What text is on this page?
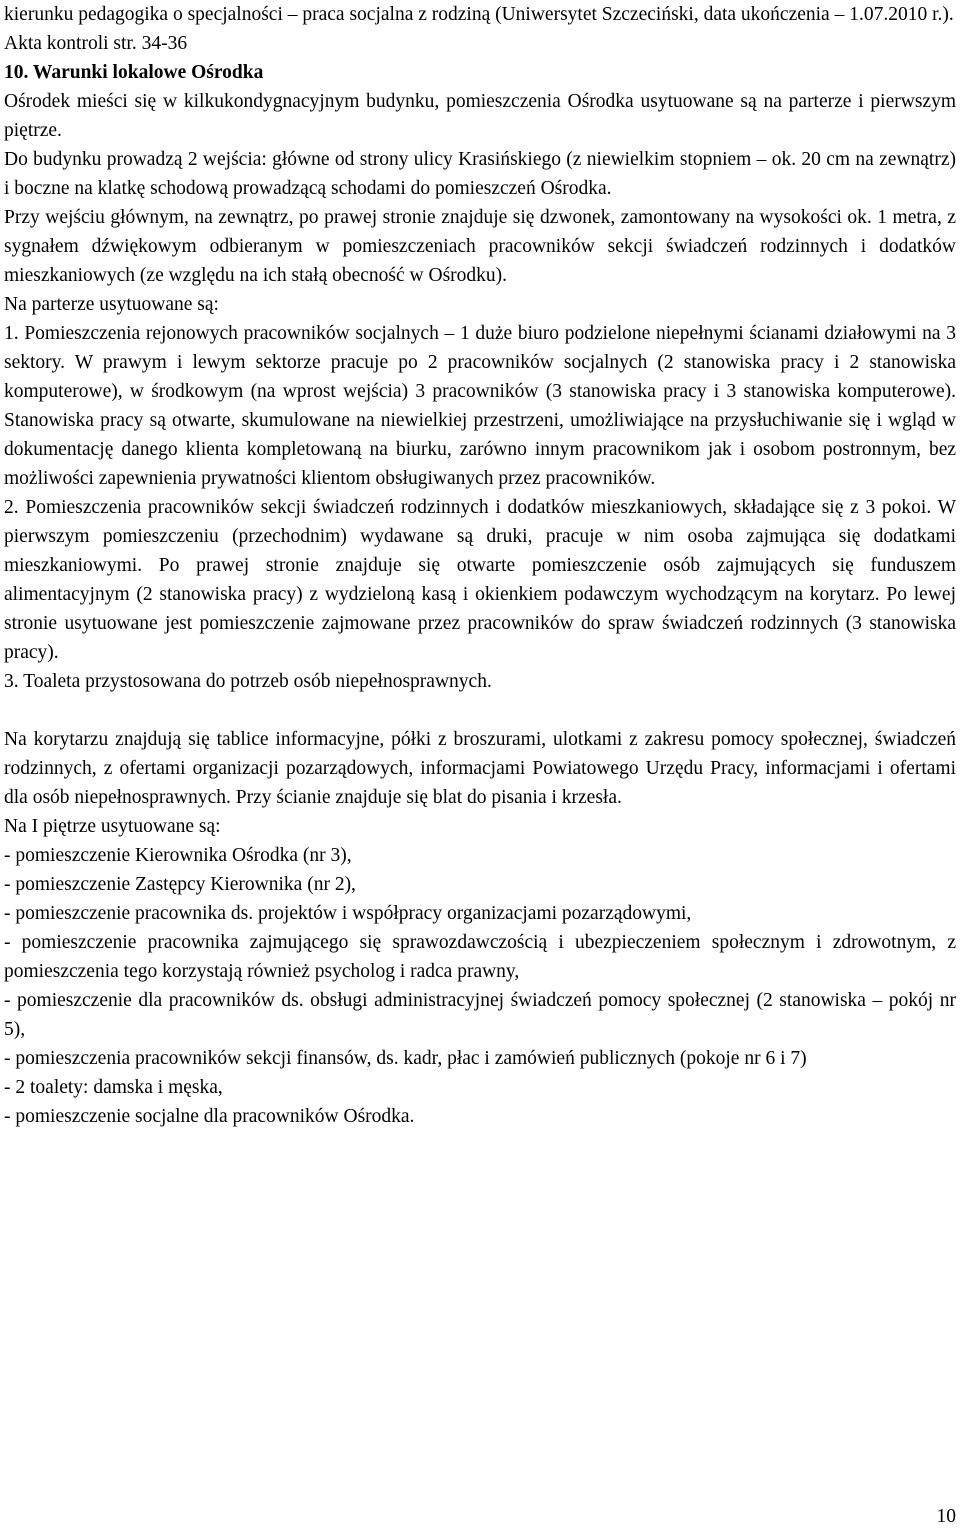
kierunku pedagogika o specjalności – praca socjalna z rodziną (Uniwersytet Szczeciński, data ukończenia – 1.07.2010 r.).

Akta kontroli str. 34-36

10. Warunki lokalowe Ośrodka

Ośrodek mieści się w kilkukondygnacyjnym budynku, pomieszczenia Ośrodka usytuowane są na parterze i pierwszym piętrze.

Do budynku prowadzą 2 wejścia: główne od strony ulicy Krasińskiego (z niewielkim stopniem – ok. 20 cm na zewnątrz) i boczne na klatkę schodową prowadzącą schodami do pomieszczeń Ośrodka.

Przy wejściu głównym, na zewnątrz, po prawej stronie znajduje się dzwonek, zamontowany na wysokości ok. 1 metra, z sygnałem dźwiękowym odbieranym w pomieszczeniach pracowników sekcji świadczeń rodzinnych i dodatków mieszkaniowych (ze względu na ich stałą obecność w Ośrodku).

Na parterze usytuowane są:

1. Pomieszczenia rejonowych pracowników socjalnych – 1 duże biuro podzielone niepełnymi ścianami działowymi na 3 sektory. W prawym i lewym sektorze pracuje po 2 pracowników socjalnych (2 stanowiska pracy i 2 stanowiska komputerowe), w środkowym (na wprost wejścia) 3 pracowników (3 stanowiska pracy i 3 stanowiska komputerowe). Stanowiska pracy są otwarte, skumulowane na niewielkiej przestrzeni, umożliwiające na przysłuchiwanie się i wgląd w dokumentację danego klienta kompletowaną na biurku, zarówno innym pracownikom jak i osobom postronnym, bez możliwości zapewnienia prywatności klientom obsługiwanych przez pracowników.

2. Pomieszczenia pracowników sekcji świadczeń rodzinnych i dodatków mieszkaniowych, składające się z 3 pokoi. W pierwszym pomieszczeniu (przechodnim) wydawane są druki, pracuje w nim osoba zajmująca się dodatkami mieszkaniowymi. Po prawej stronie znajduje się otwarte pomieszczenie osób zajmujących się funduszem alimentacyjnym (2 stanowiska pracy) z wydzieloną kasą i okienkiem podawczym wychodzącym na korytarz. Po lewej stronie usytuowane jest pomieszczenie zajmowane przez pracowników do spraw świadczeń rodzinnych (3 stanowiska pracy).

3. Toaleta przystosowana do potrzeb osób niepełnosprawnych.

Na korytarzu znajdują się tablice informacyjne, półki z broszurami, ulotkami z zakresu pomocy społecznej, świadczeń rodzinnych, z ofertami organizacji pozarządowych, informacjami Powiatowego Urzędu Pracy, informacjami i ofertami dla osób niepełnosprawnych. Przy ścianie znajduje się blat do pisania i krzesła.

Na I piętrze usytuowane są:

- pomieszczenie Kierownika Ośrodka (nr 3),

- pomieszczenie Zastępcy Kierownika (nr 2),

- pomieszczenie pracownika ds. projektów i współpracy organizacjami pozarządowymi,

- pomieszczenie pracownika zajmującego się sprawozdawczością i ubezpieczeniem społecznym i zdrowotnym, z pomieszczenia tego korzystają również psycholog i radca prawny,

- pomieszczenie dla pracowników ds. obsługi administracyjnej świadczeń pomocy społecznej (2 stanowiska – pokój nr 5),

- pomieszczenia pracowników sekcji finansów, ds. kadr, płac i zamówień publicznych (pokoje nr 6 i 7)

- 2 toalety: damska i męska,

- pomieszczenie socjalne dla pracowników Ośrodka.

10
